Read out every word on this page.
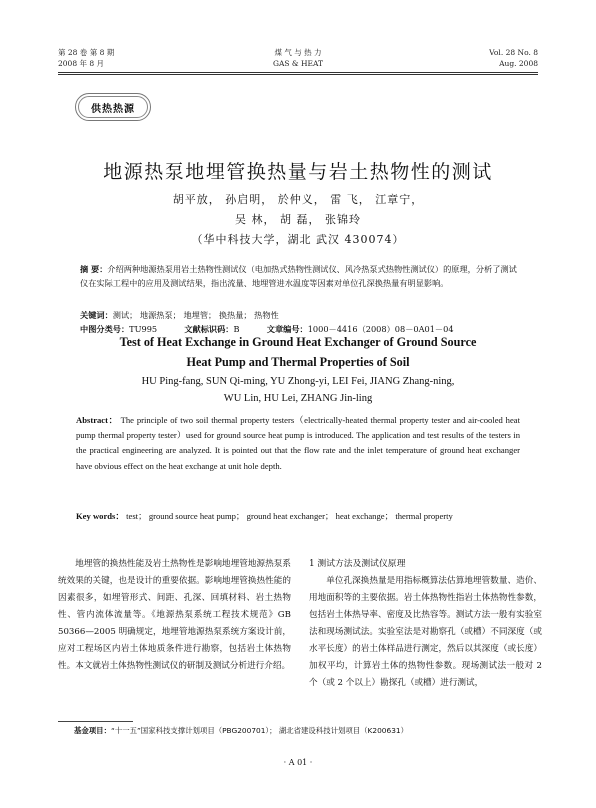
第 28 卷 第 8 期
2008 年 8 月
煤 气 与 热 力
GAS & HEAT
Vol. 28 No. 8
Aug. 2008
供热热源
地源热泵地埋管换热量与岩土热物性的测试
胡平放， 孙启明， 於仲义， 雷 飞， 江章宁，
吴 林， 胡 磊， 张锦玲
（华中科技大学，湖北 武汉 430074）
摘 要：介绍两种地源热泵用岩土热物性测试仪（电加热式热物性测试仪、风冷热泵式热物性测试仪）的原理，分析了测试仪在实际工程中的应用及测试结果，指出流量、地埋管进水温度等因素对单位孔深换热量有明显影响。
关键词：测试； 地源热泵； 地埋管； 换热量； 热物性
中图分类号：TU995	文献标识码：B	文章编号：1000－4416（2008）08－0A01－04
Test of Heat Exchange in Ground Heat Exchanger of Ground Source
Heat Pump and Thermal Properties of Soil
HU Ping-fang, SUN Qi-ming, YU Zhong-yi, LEI Fei, JIANG Zhang-ning,
WU Lin, HU Lei, ZHANG Jin-ling
Abstract： The principle of two soil thermal property testers（electrically-heated thermal property tester and air-cooled heat pump thermal property tester）used for ground source heat pump is introduced. The application and test results of the testers in the practical engineering are analyzed. It is pointed out that the flow rate and the inlet temperature of ground heat exchanger have obvious effect on the heat exchange at unit hole depth.
Key words： test； ground source heat pump； ground heat exchanger； heat exchange； thermal property
地埋管的换热性能及岩土热物性是影响地埋管地源热泵系统效果的关键，也是设计的重要依据。影响地埋管换热性能的因素很多，如埋管形式、间距、孔深、回填材料、岩土热物性、管内流体流量等。《地源热泵系统工程技术规范》GB 50366—2005 明确规定，地埋管地源热泵系统方案设计前，应对工程场区内岩土体地质条件进行勘察，包括岩土体热物性。本文就岩土体热物性测试仪的研制及测试分析进行介绍。
1 测试方法及测试仪原理
单位孔深换热量是用指标概算法估算地埋管数量、造价、用地面积等的主要依据。岩土体热物性指岩土体热物性参数，包括岩土体热导率、密度及比热容等。测试方法一般有实验室法和现场测试法。实验室法是对勘察孔（或槽）不同深度（或水平长度）的岩土体样品进行测定，然后以其深度（或长度）加权平均，计算岩土体的热物性参数。现场测试法一般对 2 个（或 2 个以上）勘探孔（或槽）进行测试，
基金项目：“十一五”国家科技支撑计划项目（PBG200701）； 湖北省建设科技计划项目（K200631）
· A 01 ·
